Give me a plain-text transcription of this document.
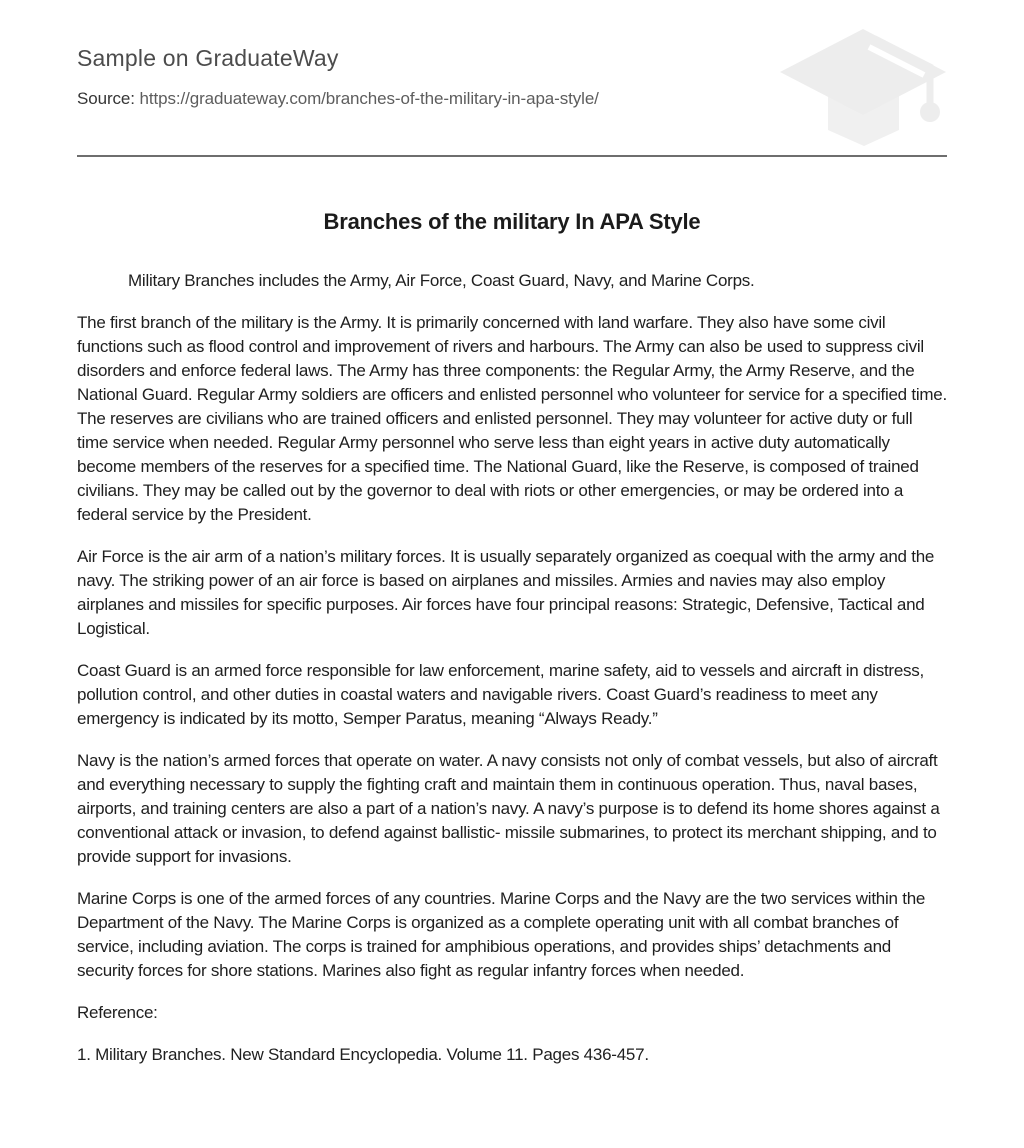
Sample on GraduateWay
Source: https://graduateway.com/branches-of-the-military-in-apa-style/
Branches of the military In APA Style

Military Branches includes the Army, Air Force, Coast Guard, Navy, and Marine Corps.

The first branch of the military is the Army. It is primarily concerned with land warfare. They also have some civil functions such as flood control and improvement of rivers and harbours. The Army can also be used to suppress civil disorders and enforce federal laws. The Army has three components: the Regular Army, the Army Reserve, and the National Guard. Regular Army soldiers are officers and enlisted personnel who volunteer for service for a specified time. The reserves are civilians who are trained officers and enlisted personnel. They may volunteer for active duty or full time service when needed. Regular Army personnel who serve less than eight years in active duty automatically become members of the reserves for a specified time. The National Guard, like the Reserve, is composed of trained civilians. They may be called out by the governor to deal with riots or other emergencies, or may be ordered into a federal service by the President.

Air Force is the air arm of a nation’s military forces. It is usually separately organized as coequal with the army and the navy. The striking power of an air force is based on airplanes and missiles. Armies and navies may also employ airplanes and missiles for specific purposes. Air forces have four principal reasons: Strategic, Defensive, Tactical and Logistical.

Coast Guard is an armed force responsible for law enforcement, marine safety, aid to vessels and aircraft in distress, pollution control, and other duties in coastal waters and navigable rivers. Coast Guard’s readiness to meet any emergency is indicated by its motto, Semper Paratus, meaning “Always Ready.”

Navy is the nation’s armed forces that operate on water. A navy consists not only of combat vessels, but also of aircraft and everything necessary to supply the fighting craft and maintain them in continuous operation. Thus, naval bases, airports, and training centers are also a part of a nation’s navy. A navy’s purpose is to defend its home shores against a conventional attack or invasion, to defend against ballistic- missile submarines, to protect its merchant shipping, and to provide support for invasions.

Marine Corps is one of the armed forces of any countries. Marine Corps and the Navy are the two services within the Department of the Navy. The Marine Corps is organized as a complete operating unit with all combat branches of service, including aviation. The corps is trained for amphibious operations, and provides ships’ detachments and security forces for shore stations. Marines also fight as regular infantry forces when needed.

Reference:

1. Military Branches. New Standard Encyclopedia. Volume 11. Pages 436-457.
